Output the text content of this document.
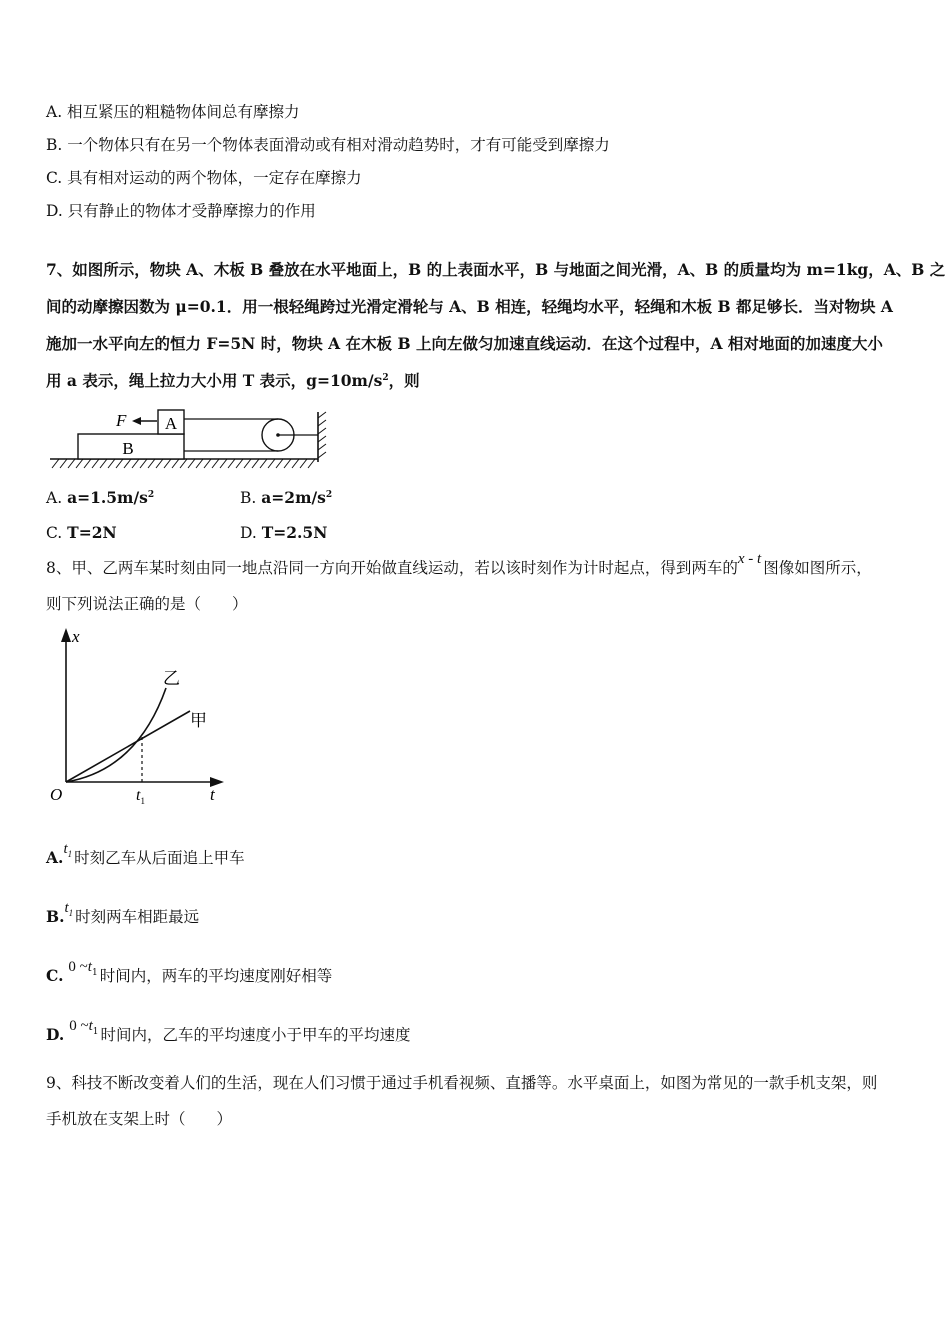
A. 相互紧压的粗糙物体间总有摩擦力
B. 一个物体只有在另一个物体表面滑动或有相对滑动趋势时，才有可能受到摩擦力
C. 具有相对运动的两个物体，一定存在摩擦力
D. 只有静止的物体才受静摩擦力的作用
7、如图所示，物块 A、木板 B 叠放在水平地面上，B 的上表面水平，B 与地面之间光滑，A、B 的质量均为 m=1kg，A、B 之
间的动摩擦因数为 μ=0.1．用一根轻绳跨过光滑定滑轮与 A、B 相连，轻绳均水平，轻绳和木板 B 都足够长．当对物块 A
施加一水平向左的恒力 F=5N 时，物块 A 在木板 B 上向左做匀加速直线运动．在这个过程中，A 相对地面的加速度大小
用 a 表示，绳上拉力大小用 T 表示，$g=10m/s^2$，则
B
A
F
A. $a=1.5m/s^2$	B. $a=2m/s^2$
C. T=2N	D. T=2.5N
8、甲、乙两车某时刻由同一地点沿同一方向开始做直线运动，若以该时刻作为计时起点，得到两车的x - t 图像如图所示，
则下列说法正确的是（　　）
x
t
O	$t_1$
乙
甲
$A.t_1$ 时刻乙车从后面追上甲车
$B.t_1$ 时刻两车相距最远
C. 0 $\sim t_1$ 时间内，两车的平均速度刚好相等
D. 0 $\sim t_1$ 时间内，乙车的平均速度小于甲车的平均速度
9、科技不断改变着人们的生活，现在人们习惯于通过手机看视频、直播等。水平桌面上，如图为常见的一款手机支架，则
手机放在支架上时（　　）
